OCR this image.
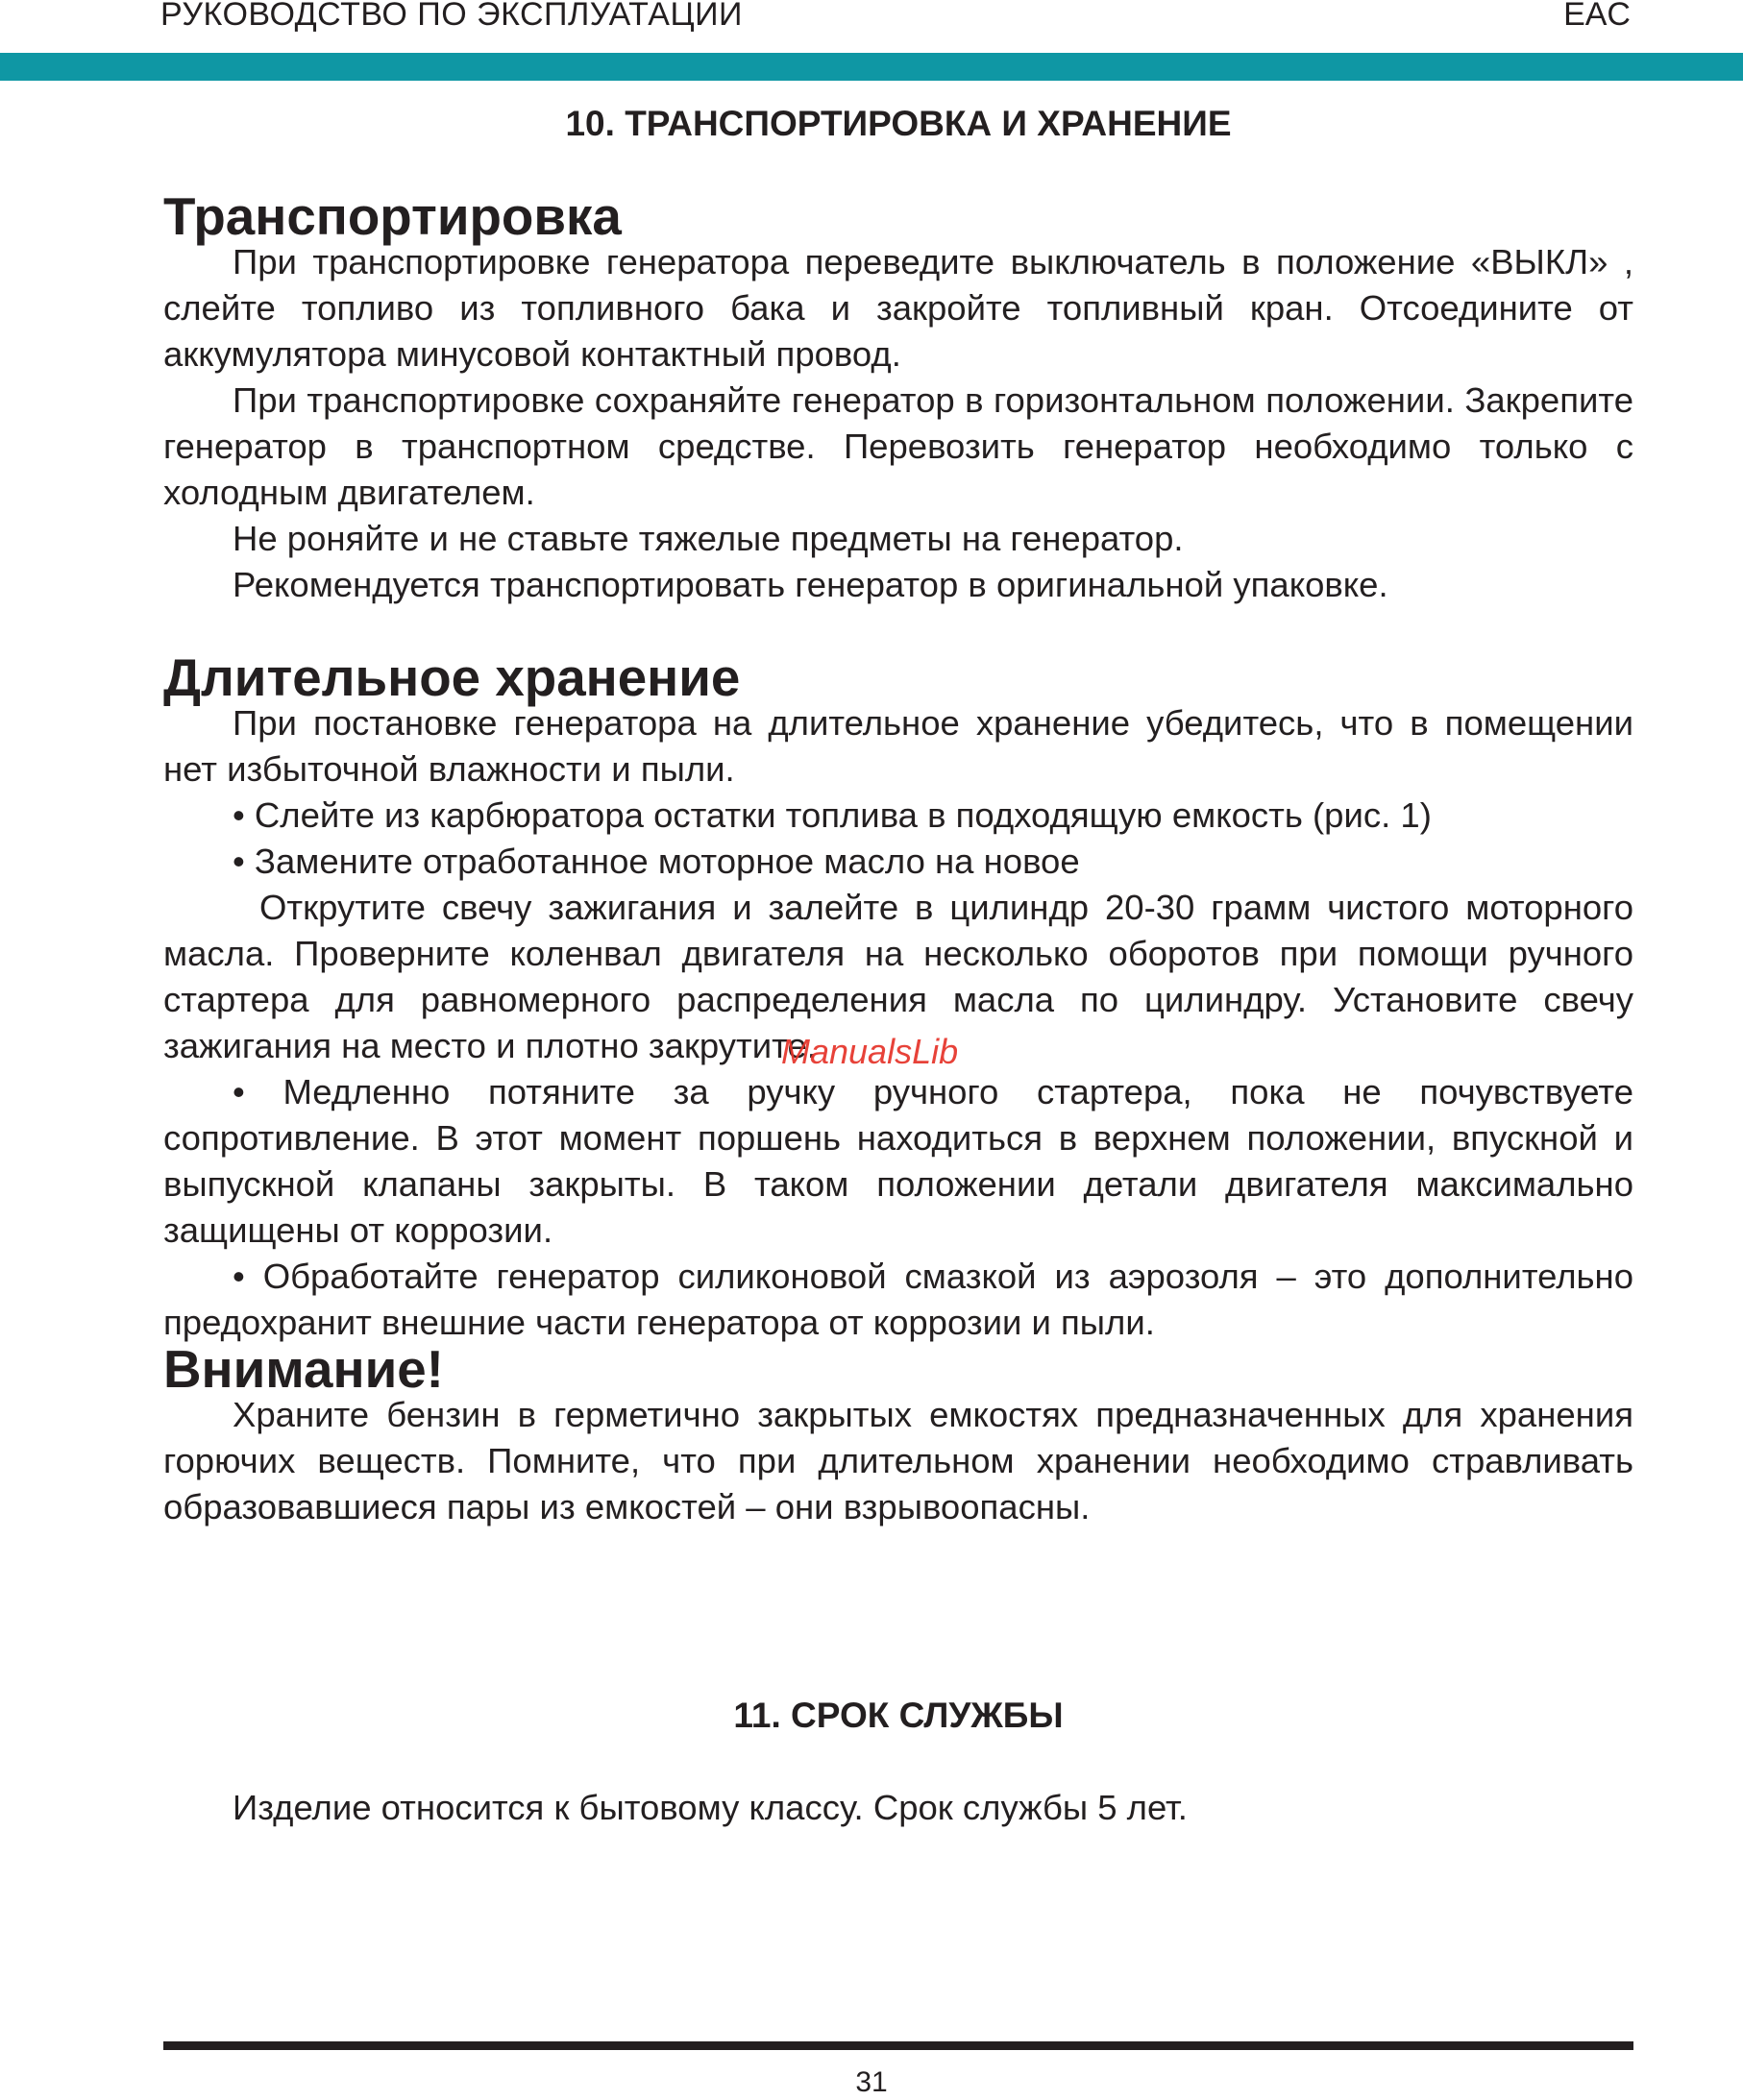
РУКОВОДСТВО ПО ЭКСПЛУАТАЦИИ	EAC
10. ТРАНСПОРТИРОВКА И ХРАНЕНИЕ
Транспортировка

При транспортировке генератора переведите выключатель в положение «ВЫКЛ» , слейте топливо из топливного бака и закройте топливный кран. Отсоедините от аккумулятора минусовой контактный провод.

При транспортировке сохраняйте генератор в горизонтальном положении. Закрепите генератор в транспортном средстве. Перевозить генератор необходимо только с холодным двигателем.

Не роняйте и не ставьте тяжелые предметы на генератор.

Рекомендуется транспортировать генератор в оригинальной упаковке.

Длительное хранение

При постановке генератора на длительное хранение убедитесь, что в помещении нет избыточной влажности и пыли.

• Слейте из карбюратора остатки топлива в подходящую емкость (рис. 1)

• Замените отработанное моторное масло на новое

Открутите свечу зажигания и залейте в цилиндр 20-30 грамм чистого моторного масла. Проверните коленвал двигателя на несколько оборотов при помощи ручного стартера для равномерного распределения масла по цилиндру. Установите свечу зажигания на место и плотно закрутите.

• Медленно потяните за ручку ручного стартера, пока не почувствуете сопротивление. В этот момент поршень находиться в верхнем положении, впускной и выпускной клапаны закрыты. В таком положении детали двигателя максимально защищены от коррозии.

• Обработайте генератор силиконовой смазкой из аэрозоля – это дополнительно предохранит внешние части генератора от коррозии и пыли.

Внимание!

Храните бензин в герметично закрытых емкостях предназначенных для хранения горючих веществ. Помните, что при длительном хранении необходимо стравливать образовавшиеся пары из емкостей – они взрывоопасны.

11. СРОК СЛУЖБЫ

Изделие относится к бытовому классу. Срок службы 5 лет.

ManualsLib
31
